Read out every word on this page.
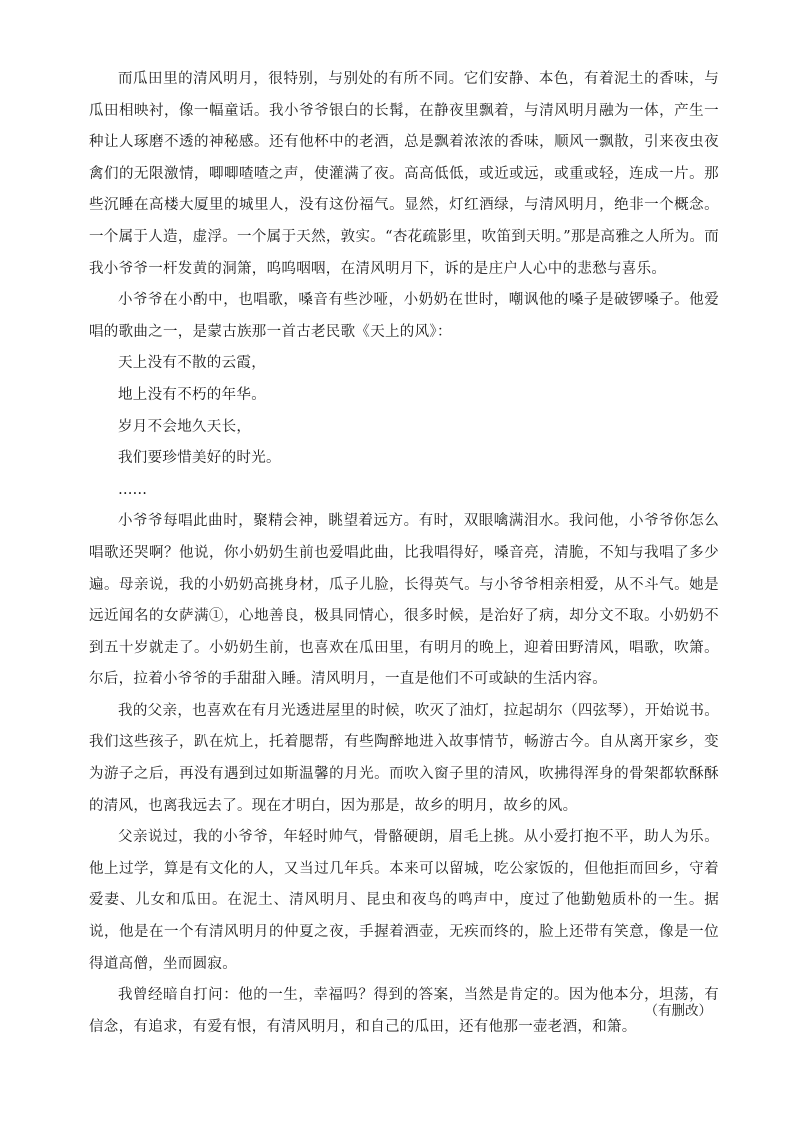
而瓜田里的清风明月，很特别，与别处的有所不同。它们安静、本色，有着泥土的香味，与瓜田相映衬，像一幅童话。我小爷爷银白的长髯，在静夜里飘着，与清风明月融为一体，产生一种让人琢磨不透的神秘感。还有他杯中的老酒，总是飘着浓浓的香味，顺风一飘散，引来夜虫夜禽们的无限激情，唧唧喳喳之声，使灌满了夜。高高低低，或近或远，或重或轻，连成一片。那些沉睡在高楼大厦里的城里人，没有这份福气。显然，灯红酒绿，与清风明月，绝非一个概念。一个属于人造，虚浮。一个属于天然，敦实。“杏花疏影里，吹笛到天明。”那是高雅之人所为。而我小爷爷一杆发黄的洞箫，呜呜咽咽，在清风明月下，诉的是庄户人心中的悲愁与喜乐。

小爷爷在小酌中，也唱歌，嗓音有些沙哑，小奶奶在世时，嘲讽他的嗓子是破锣嗓子。他爱唱的歌曲之一，是蒙古族那一首古老民歌《天上的风》：

天上没有不散的云霞，

地上没有不朽的年华。

岁月不会地久天长，

我们要珍惜美好的时光。

……

小爷爷每唱此曲时，聚精会神，眺望着远方。有时，双眼噙满泪水。我问他，小爷爷你怎么唱歌还哭啊？他说，你小奶奶生前也爱唱此曲，比我唱得好，嗓音亮，清脆，不知与我唱了多少遍。母亲说，我的小奶奶高挑身材，瓜子儿脸，长得英气。与小爷爷相亲相爱，从不斗气。她是远近闻名的女萨满①，心地善良，极具同情心，很多时候，是治好了病，却分文不取。小奶奶不到五十岁就走了。小奶奶生前，也喜欢在瓜田里，有明月的晚上，迎着田野清风，唱歌，吹箫。尔后，拉着小爷爷的手甜甜入睡。清风明月，一直是他们不可或缺的生活内容。

我的父亲，也喜欢在有月光透进屋里的时候，吹灭了油灯，拉起胡尔（四弦琴），开始说书。我们这些孩子，趴在炕上，托着腮帮，有些陶醉地进入故事情节，畅游古今。自从离开家乡，变为游子之后，再没有遇到过如斯温馨的月光。而吹入窗子里的清风，吹拂得浑身的骨架都软酥酥的清风，也离我远去了。现在才明白，因为那是，故乡的明月，故乡的风。

父亲说过，我的小爷爷，年轻时帅气，骨骼硬朗，眉毛上挑。从小爱打抱不平，助人为乐。他上过学，算是有文化的人，又当过几年兵。本来可以留城，吃公家饭的，但他拒而回乡，守着爱妻、儿女和瓜田。在泥土、清风明月、昆虫和夜鸟的鸣声中，度过了他勤勉质朴的一生。据说，他是在一个有清风明月的仲夏之夜，手握着酒壶，无疾而终的，脸上还带有笑意，像是一位得道高僧，坐而圆寂。

我曾经暗自打问：他的一生，幸福吗？得到的答案，当然是肯定的。因为他本分，坦荡，有信念，有追求，有爱有恨，有清风明月，和自己的瓜田，还有他那一壶老酒，和箫。

（有删改）
